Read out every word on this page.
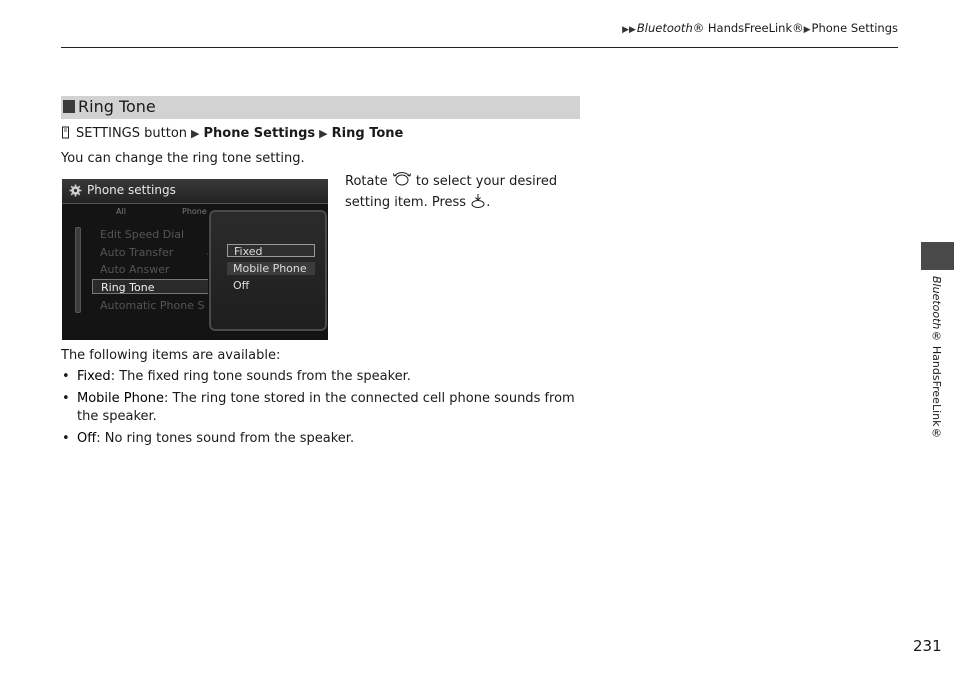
▶▶Bluetooth® HandsFreeLink®▶Phone Settings
Bluetooth® HandsFreeLink®
231
Ring Tone
SETTINGS button ▶ Phone Settings ▶ Ring Tone
You can change the ring tone setting.
Phone settings
All	Phone
Edit Speed Dial
Auto Transfer
Auto Answer
Ring Tone
Automatic Phone S
Fixed
Mobile Phone
Off
Rotate to select your desired setting item. Press .
The following items are available:
• Fixed: The fixed ring tone sounds from the speaker.
• Mobile Phone: The ring tone stored in the connected cell phone sounds from the speaker.
• Off: No ring tones sound from the speaker.
